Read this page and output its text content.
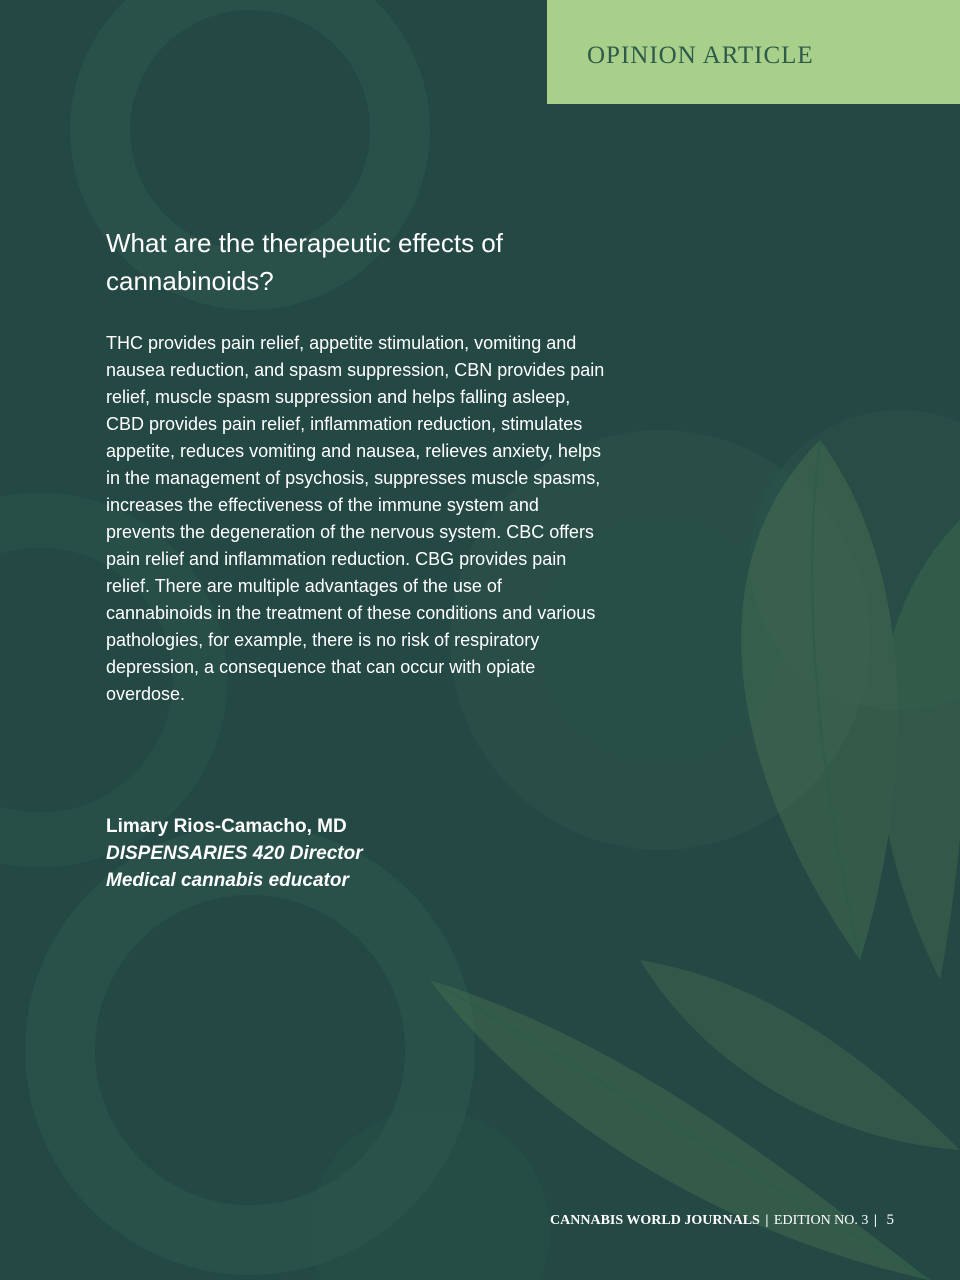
OPINION ARTICLE
What are the therapeutic effects of
cannabinoids?

THC provides pain relief, appetite stimulation, vomiting and nausea reduction, and spasm suppression, CBN provides pain relief, muscle spasm suppression and helps falling asleep, CBD provides pain relief, inflammation reduction, stimulates appetite, reduces vomiting and nausea, relieves anxiety, helps in the management of psychosis, suppresses muscle spasms, increases the effectiveness of the immune system and prevents the degeneration of the nervous system. CBC offers pain relief and inflammation reduction. CBG provides pain relief. There are multiple advantages of the use of cannabinoids in the treatment of these conditions and various pathologies, for example, there is no risk of respiratory depression, a consequence that can occur with opiate overdose.

Limary Rios-Camacho, MD
DISPENSARIES 420 Director
Medical cannabis educator
CANNABIS WORLD JOURNALS | EDITION NO. 3 | 5
